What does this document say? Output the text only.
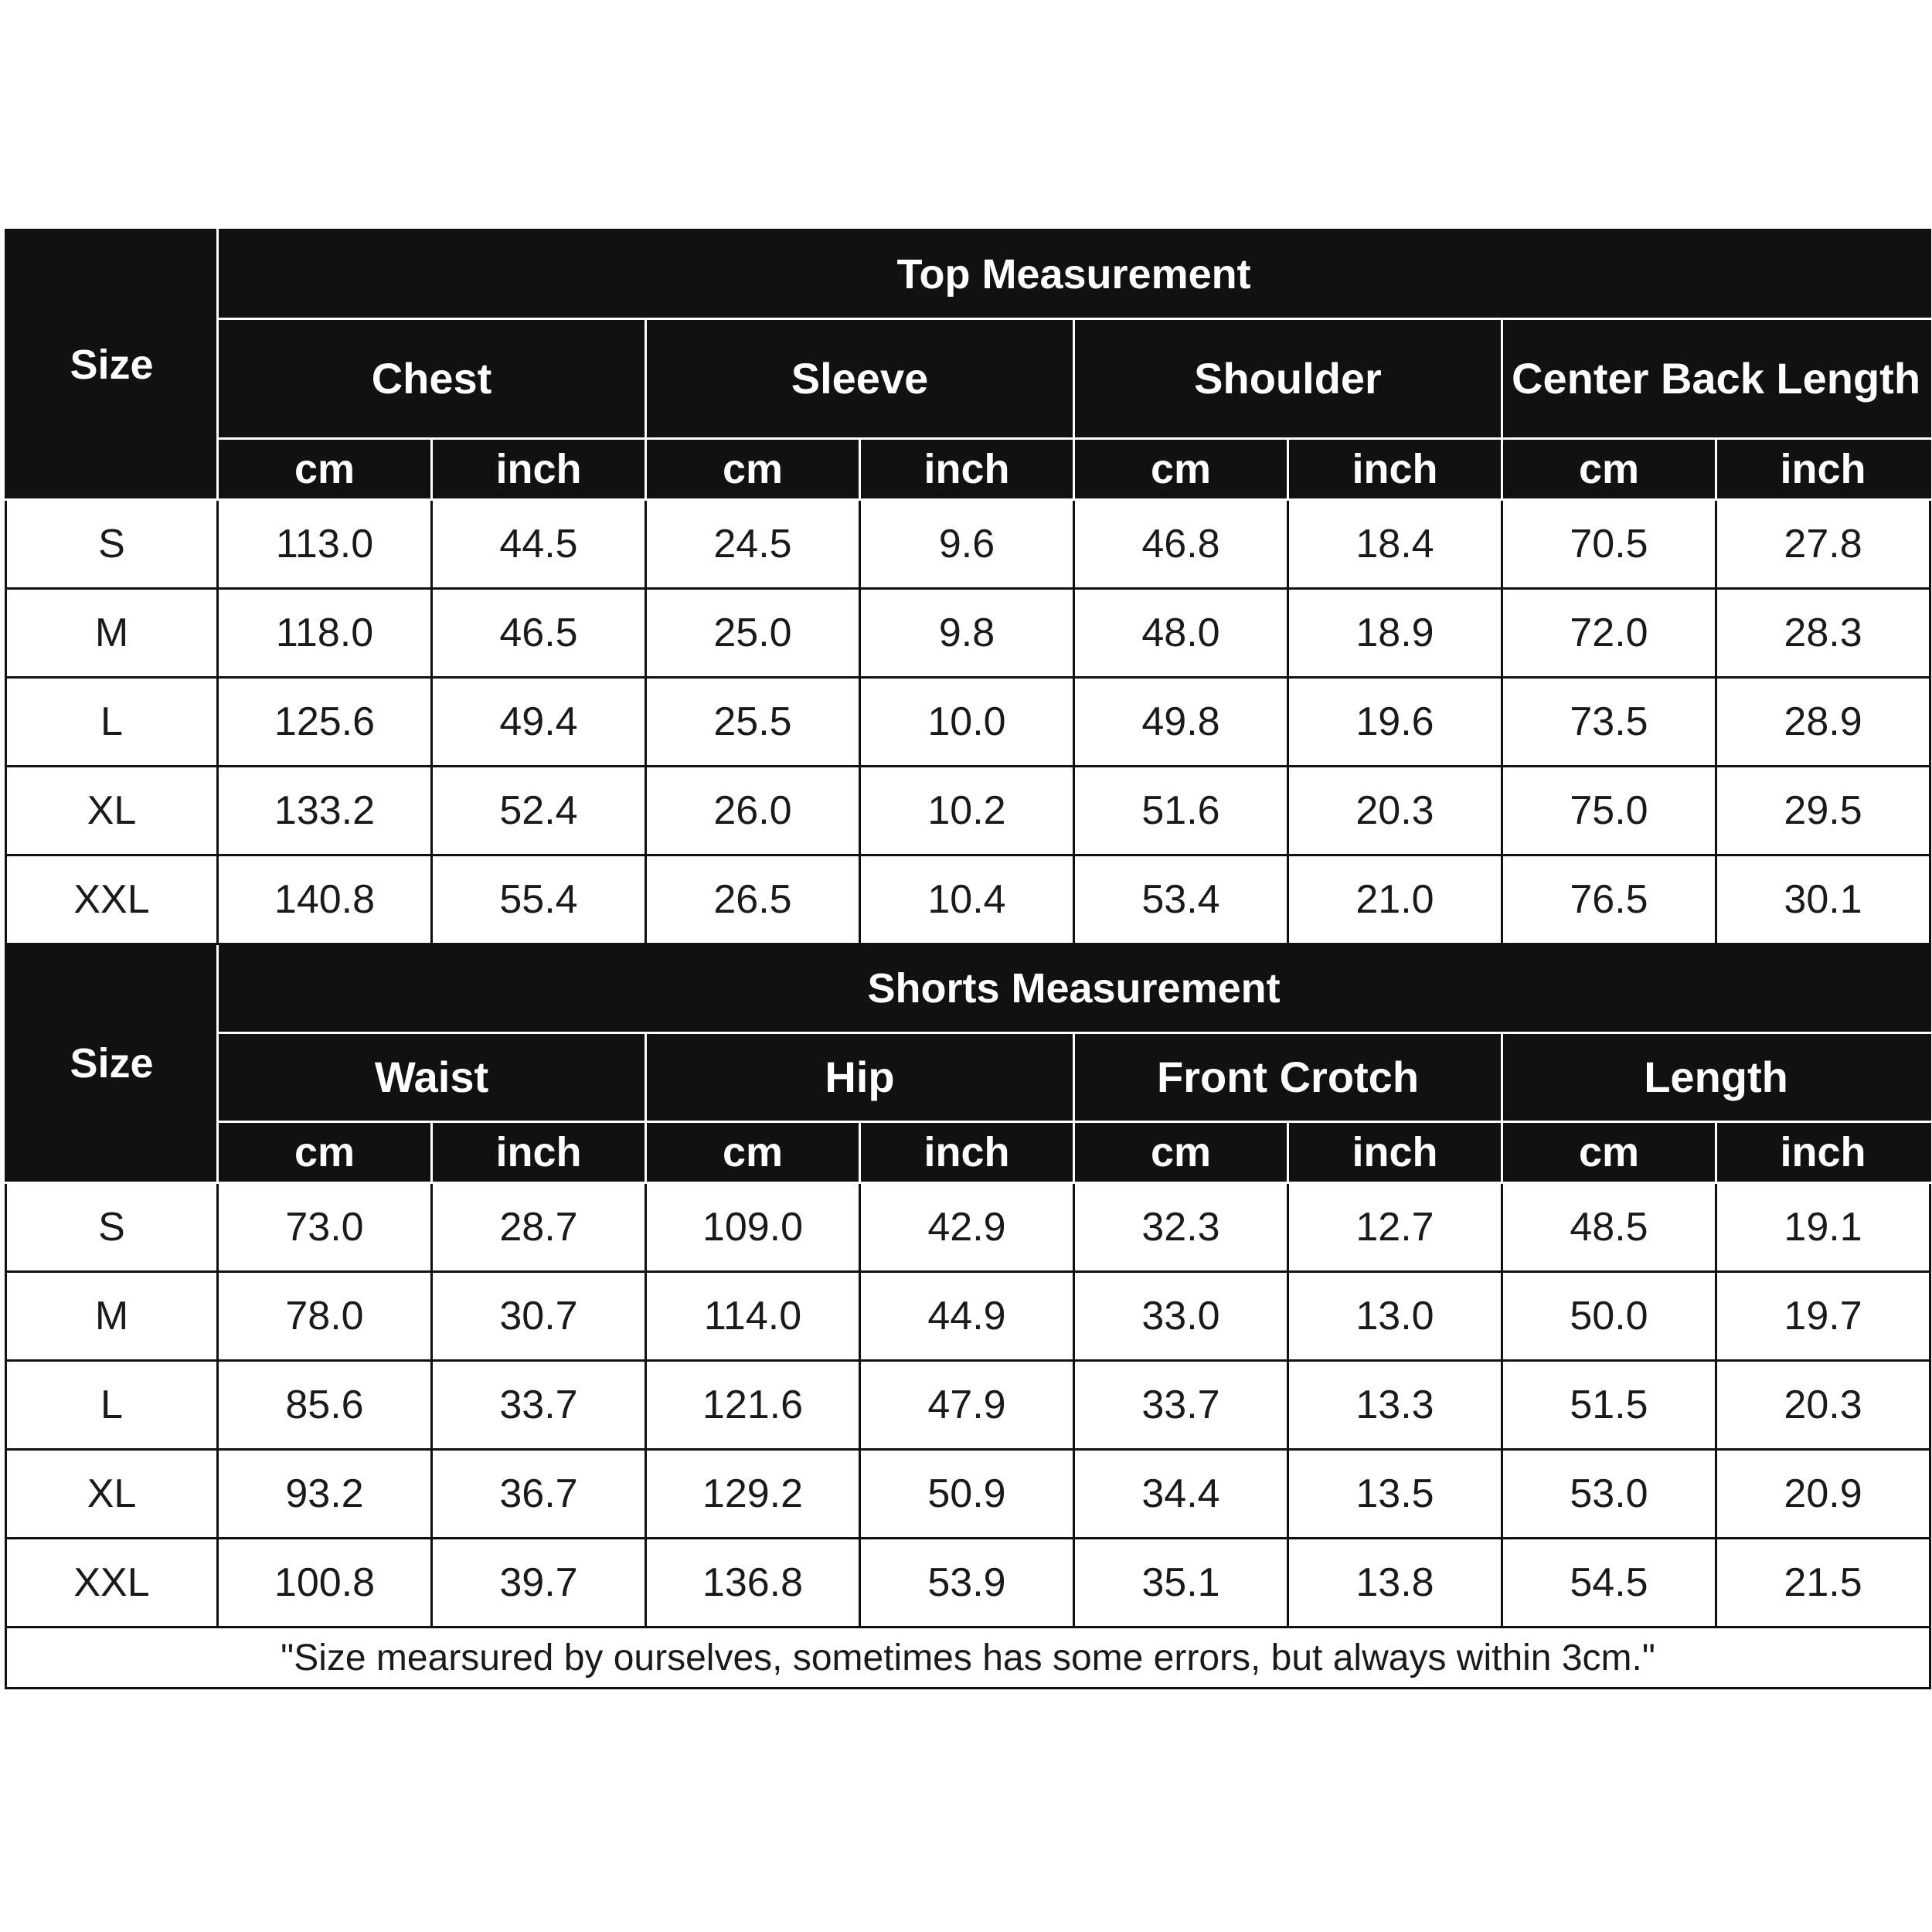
Size	Top Measurement							
	Chest		Sleeve		Shoulder		Center Back Length	
	cm	inch	cm	inch	cm	inch	cm	inch
S	113.0	44.5	24.5	9.6	46.8	18.4	70.5	27.8
M	118.0	46.5	25.0	9.8	48.0	18.9	72.0	28.3
L	125.6	49.4	25.5	10.0	49.8	19.6	73.5	28.9
XL	133.2	52.4	26.0	10.2	51.6	20.3	75.0	29.5
XXL	140.8	55.4	26.5	10.4	53.4	21.0	76.5	30.1
Size	Shorts Measurement							
	Waist		Hip		Front Crotch		Length	
	cm	inch	cm	inch	cm	inch	cm	inch
S	73.0	28.7	109.0	42.9	32.3	12.7	48.5	19.1
M	78.0	30.7	114.0	44.9	33.0	13.0	50.0	19.7
L	85.6	33.7	121.6	47.9	33.7	13.3	51.5	20.3
XL	93.2	36.7	129.2	50.9	34.4	13.5	53.0	20.9
XXL	100.8	39.7	136.8	53.9	35.1	13.8	54.5	21.5
"Size mearsured by ourselves, sometimes has some errors, but always within 3cm."								
